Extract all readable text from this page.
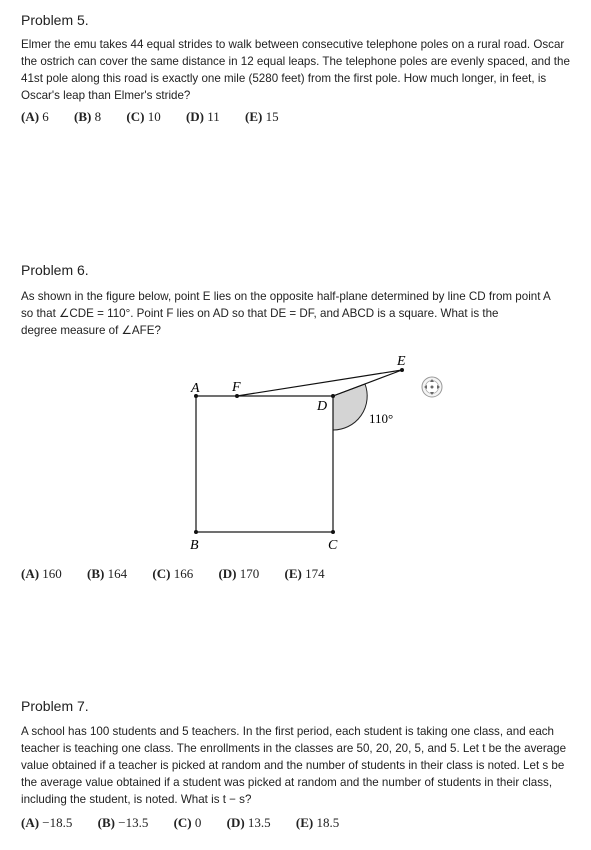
Problem 5.
Elmer the emu takes 44 equal strides to walk between consecutive telephone poles on a rural road. Oscar
the ostrich can cover the same distance in 12 equal leaps. The telephone poles are evenly spaced, and the
41st pole along this road is exactly one mile (5280 feet) from the first pole. How much longer, in feet, is
Oscar's leap than Elmer's stride?
(A) 6 (B) 8 (C) 10 (D) 11 (E) 15
Problem 6.
As shown in the figure below, point E lies on the opposite half-plane determined by line CD from point A
so that ∠CDE = 110°. Point F lies on AD so that DE = DF, and ABCD is a square. What is the
degree measure of ∠AFE?
A F
D
E
B	C
110°
(A) 160 (B) 164 (C) 166 (D) 170 (E) 174
Problem 7.
A school has 100 students and 5 teachers. In the first period, each student is taking one class, and each
teacher is teaching one class. The enrollments in the classes are 50, 20, 20, 5, and 5. Let t be the average
value obtained if a teacher is picked at random and the number of students in their class is noted. Let s be
the average value obtained if a student was picked at random and the number of students in their class,
including the student, is noted. What is t − s?
(A) −18.5 (B) −13.5 (C) 0 (D) 13.5 (E) 18.5
